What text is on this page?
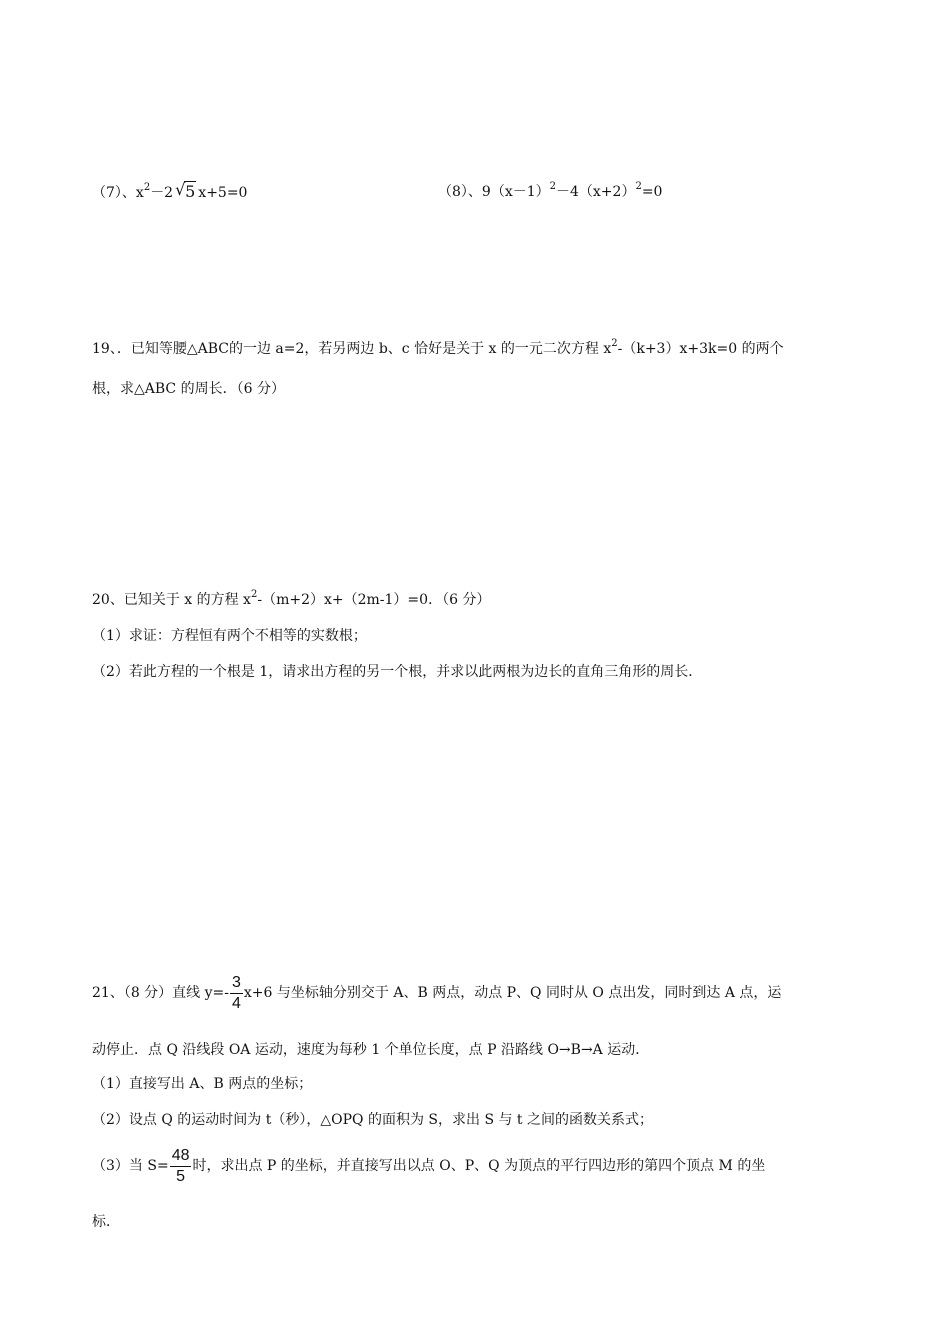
（7）、$x^2-2$ √ 5 x+5=0	（8）、$9(x-1)^2-4(x+2)^2=0$
19、．已知等腰△ABC的一边 a=2，若另两边 b、c 恰好是关于 x 的一元二次方程 $x^2-(k+3)x+3k=0$ 的两个
根，求△ABC 的周长．（6 分）
20、已知关于 x 的方程 $x^2-(m+2)x+(2m-1)=0$．（6 分）
（1）求证：方程恒有两个不相等的实数根；
（2）若此方程的一个根是 1，请求出方程的另一个根，并求以此两根为边长的直角三角形的周长．
21、（8 分）直线 $y=- \frac{3}{4} x+6$ 与坐标轴分别交于 A、B 两点，动点 P、Q 同时从 O 点出发，同时到达 A 点，运
动停止．点 Q 沿线段 OA 运动，速度为每秒 1 个单位长度，点 P 沿路线 O→B→A 运动．
（1）直接写出 A、B 两点的坐标；
（2）设点 Q 的运动时间为 t（秒），△OPQ 的面积为 S，求出 S 与 t 之间的函数关系式；
（3）当 $S= \frac{48}{5}$ 时，求出点 P 的坐标，并直接写出以点 O、P、Q 为顶点的平行四边形的第四个顶点 M 的坐
标．
